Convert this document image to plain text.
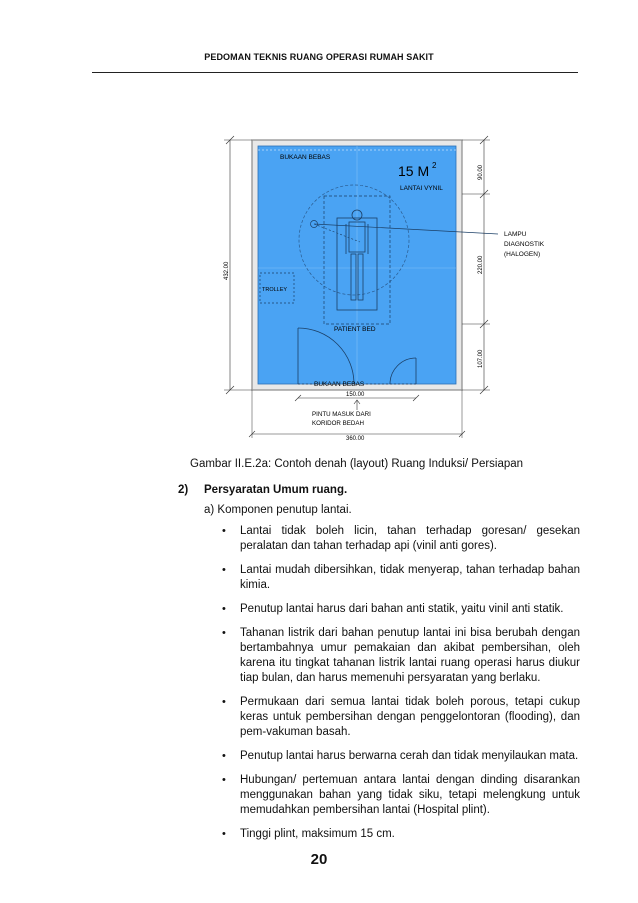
PEDOMAN TEKNIS RUANG OPERASI RUMAH SAKIT
TROLLEY
BUKAAN BEBAS
15 M 2
LANTAI VYNIL
PATIENT BED
BUKAAN BEBAS
432.00
90.00
220.00
107.00
LAMPU
DIAGNOSTIK
(HALOGEN)
150.00
PINTU MASUK DARI
KORIDOR BEDAH
360.00
Gambar II.E.2a: Contoh denah (layout) Ruang Induksi/ Persiapan
2)	Persyaratan Umum ruang.
a) Komponen penutup lantai.
• Lantai tidak boleh licin, tahan terhadap goresan/ gesekan peralatan dan tahan terhadap api (vinil anti gores).
• Lantai mudah dibersihkan, tidak menyerap, tahan terhadap bahan kimia.
• Penutup lantai harus dari bahan anti statik, yaitu vinil anti statik.
• Tahanan listrik dari bahan penutup lantai ini bisa berubah dengan bertambahnya umur pemakaian dan akibat pembersihan, oleh karena itu tingkat tahanan listrik lantai ruang operasi harus diukur tiap bulan, dan harus memenuhi persyaratan yang berlaku.
• Permukaan dari semua lantai tidak boleh porous, tetapi cukup keras untuk pembersihan dengan penggelontoran (flooding), dan pem-vakuman basah.
• Penutup lantai harus berwarna cerah dan tidak menyilaukan mata.
• Hubungan/ pertemuan antara lantai dengan dinding disarankan menggunakan bahan yang tidak siku, tetapi melengkung untuk memudahkan pembersihan lantai (Hospital plint).
• Tinggi plint, maksimum 15 cm.
20
